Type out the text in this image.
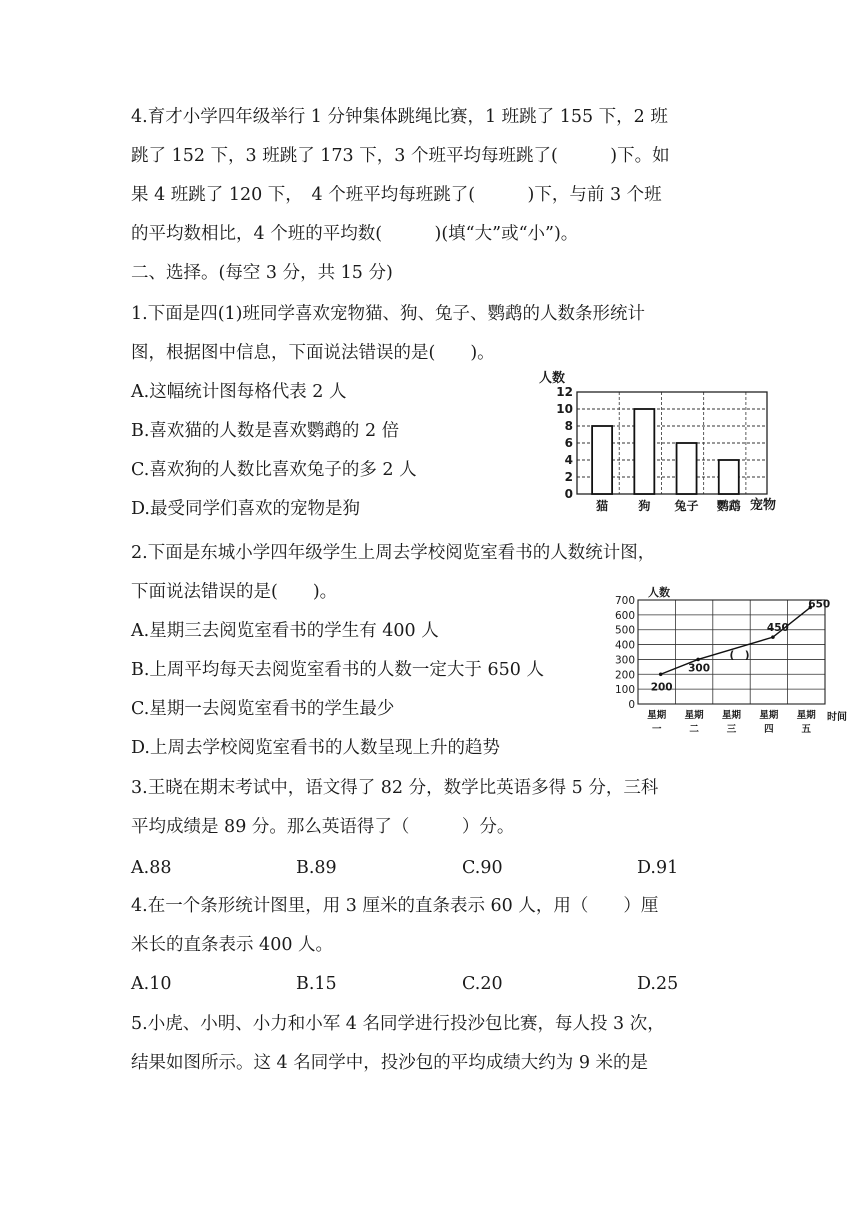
4.育才小学四年级举行 1 分钟集体跳绳比赛，1 班跳了 155 下，2 班
跳了 152 下，3 班跳了 173 下，3 个班平均每班跳了(　　　)下。如
果 4 班跳了 120 下，　4 个班平均每班跳了(　　　)下，与前 3 个班
的平均数相比，4 个班的平均数(　　　)(填“大”或“小”)。
二、选择。(每空 3 分，共 15 分)
1.下面是四(1)班同学喜欢宠物猫、狗、兔子、鹦鹉的人数条形统计
图，根据图中信息，下面说法错误的是(　　)。
A.这幅统计图每格代表 2 人
B.喜欢猫的人数是喜欢鹦鹉的 2 倍
C.喜欢狗的人数比喜欢兔子的多 2 人
D.最受同学们喜欢的宠物是狗
人数
0
2
4
6
8
10
12
猫	狗 兔子 鹦鹉 宠物
2.下面是东城小学四年级学生上周去学校阅览室看书的人数统计图，
下面说法错误的是(　　)。
A.星期三去阅览室看书的学生有 400 人
B.上周平均每天去阅览室看书的人数一定大于 650 人
C.星期一去阅览室看书的学生最少
D.上周去学校阅览室看书的人数呈现上升的趋势
人数
0
100
200
300
400
500
600
700
200
300
(　)
450
650
星期
一
星期
二
星期
三
星期
四
星期
五
时间
3.王晓在期末考试中，语文得了 82 分，数学比英语多得 5 分，三科
平均成绩是 89 分。那么英语得了（　　　）分。
A.88	B.89	C.90	D.91
4.在一个条形统计图里，用 3 厘米的直条表示 60 人，用（　　）厘
米长的直条表示 400 人。
A.10	B.15	C.20	D.25
5.小虎、小明、小力和小军 4 名同学进行投沙包比赛，每人投 3 次，
结果如图所示。这 4 名同学中，投沙包的平均成绩大约为 9 米的是
